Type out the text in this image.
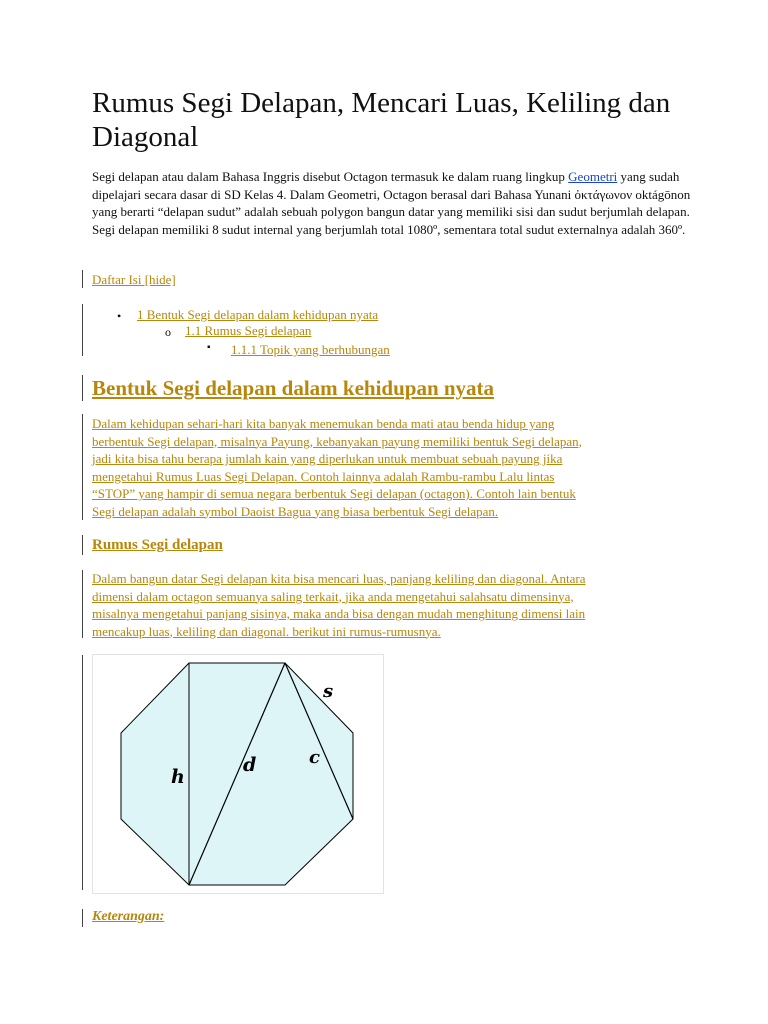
Rumus Segi Delapan, Mencari Luas, Keliling dan Diagonal

Segi delapan atau dalam Bahasa Inggris disebut Octagon termasuk ke dalam ruang lingkup Geometri yang sudah dipelajari secara dasar di SD Kelas 4. Dalam Geometri, Octagon berasal dari Bahasa Yunani ὀκτάγωνον oktágōnon yang berarti “delapan sudut” adalah sebuah polygon bangun datar yang memiliki sisi dan sudut berjumlah delapan. Segi delapan memiliki 8 sudut internal yang berjumlah total 1080º, sementara total sudut externalnya adalah 360º.

Daftar Isi [hide]
• 1 Bentuk Segi delapan dalam kehidupan nyata
o 1.1 Rumus Segi delapan
▪ 1.1.1 Topik yang berhubungan
Bentuk Segi delapan dalam kehidupan nyata
Dalam kehidupan sehari-hari kita banyak menemukan benda mati atau benda hidup yang
berbentuk Segi delapan, misalnya Payung, kebanyakan payung memiliki bentuk Segi delapan,
jadi kita bisa tahu berapa jumlah kain yang diperlukan untuk membuat sebuah payung jika
mengetahui Rumus Luas Segi Delapan. Contoh lainnya adalah Rambu-rambu Lalu lintas
“STOP” yang hampir di semua negara berbentuk Segi delapan (octagon). Contoh lain bentuk
Segi delapan adalah symbol Daoist Bagua yang biasa berbentuk Segi delapan.
Rumus Segi delapan
Dalam bangun datar Segi delapan kita bisa mencari luas, panjang keliling dan diagonal. Antara
dimensi dalam octagon semuanya saling terkait, jika anda mengetahui salahsatu dimensinya,
misalnya mengetahui panjang sisinya, maka anda bisa dengan mudah menghitung dimensi lain
mencakup luas, keliling dan diagonal. berikut ini rumus-rumusnya.
s
d	c
h
Keterangan:
